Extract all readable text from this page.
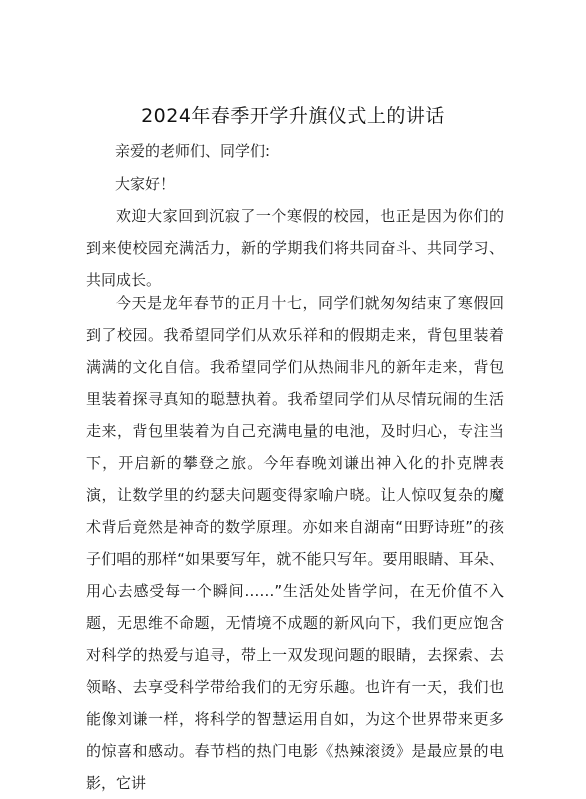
2024年春季开学升旗仪式上的讲话
亲爱的老师们、同学们:
大家好！

欢迎大家回到沉寂了一个寒假的校园，也正是因为你们的到来使校园充满活力，新的学期我们将共同奋斗、共同学习、共同成长。

今天是龙年春节的正月十七，同学们就匆匆结束了寒假回到了校园。我希望同学们从欢乐祥和的假期走来，背包里装着满满的文化自信。我希望同学们从热闹非凡的新年走来，背包里装着探寻真知的聪慧执着。我希望同学们从尽情玩闹的生活走来，背包里装着为自己充满电量的电池，及时归心，专注当下，开启新的攀登之旅。今年春晚刘谦出神入化的扑克牌表演，让数学里的约瑟夫问题变得家喻户晓。让人惊叹复杂的魔术背后竟然是神奇的数学原理。亦如来自湖南“田野诗班”的孩子们唱的那样“如果要写年，就不能只写年。要用眼睛、耳朵、用心去感受每一个瞬间……”生活处处皆学问，在无价值不入题，无思维不命题，无情境不成题的新风向下，我们更应饱含对科学的热爱与追寻，带上一双发现问题的眼睛，去探索、去领略、去享受科学带给我们的无穷乐趣。也许有一天，我们也能像刘谦一样，将科学的智慧运用自如，为这个世界带来更多的惊喜和感动。春节档的热门电影《热辣滚烫》是最应景的电影，它讲
